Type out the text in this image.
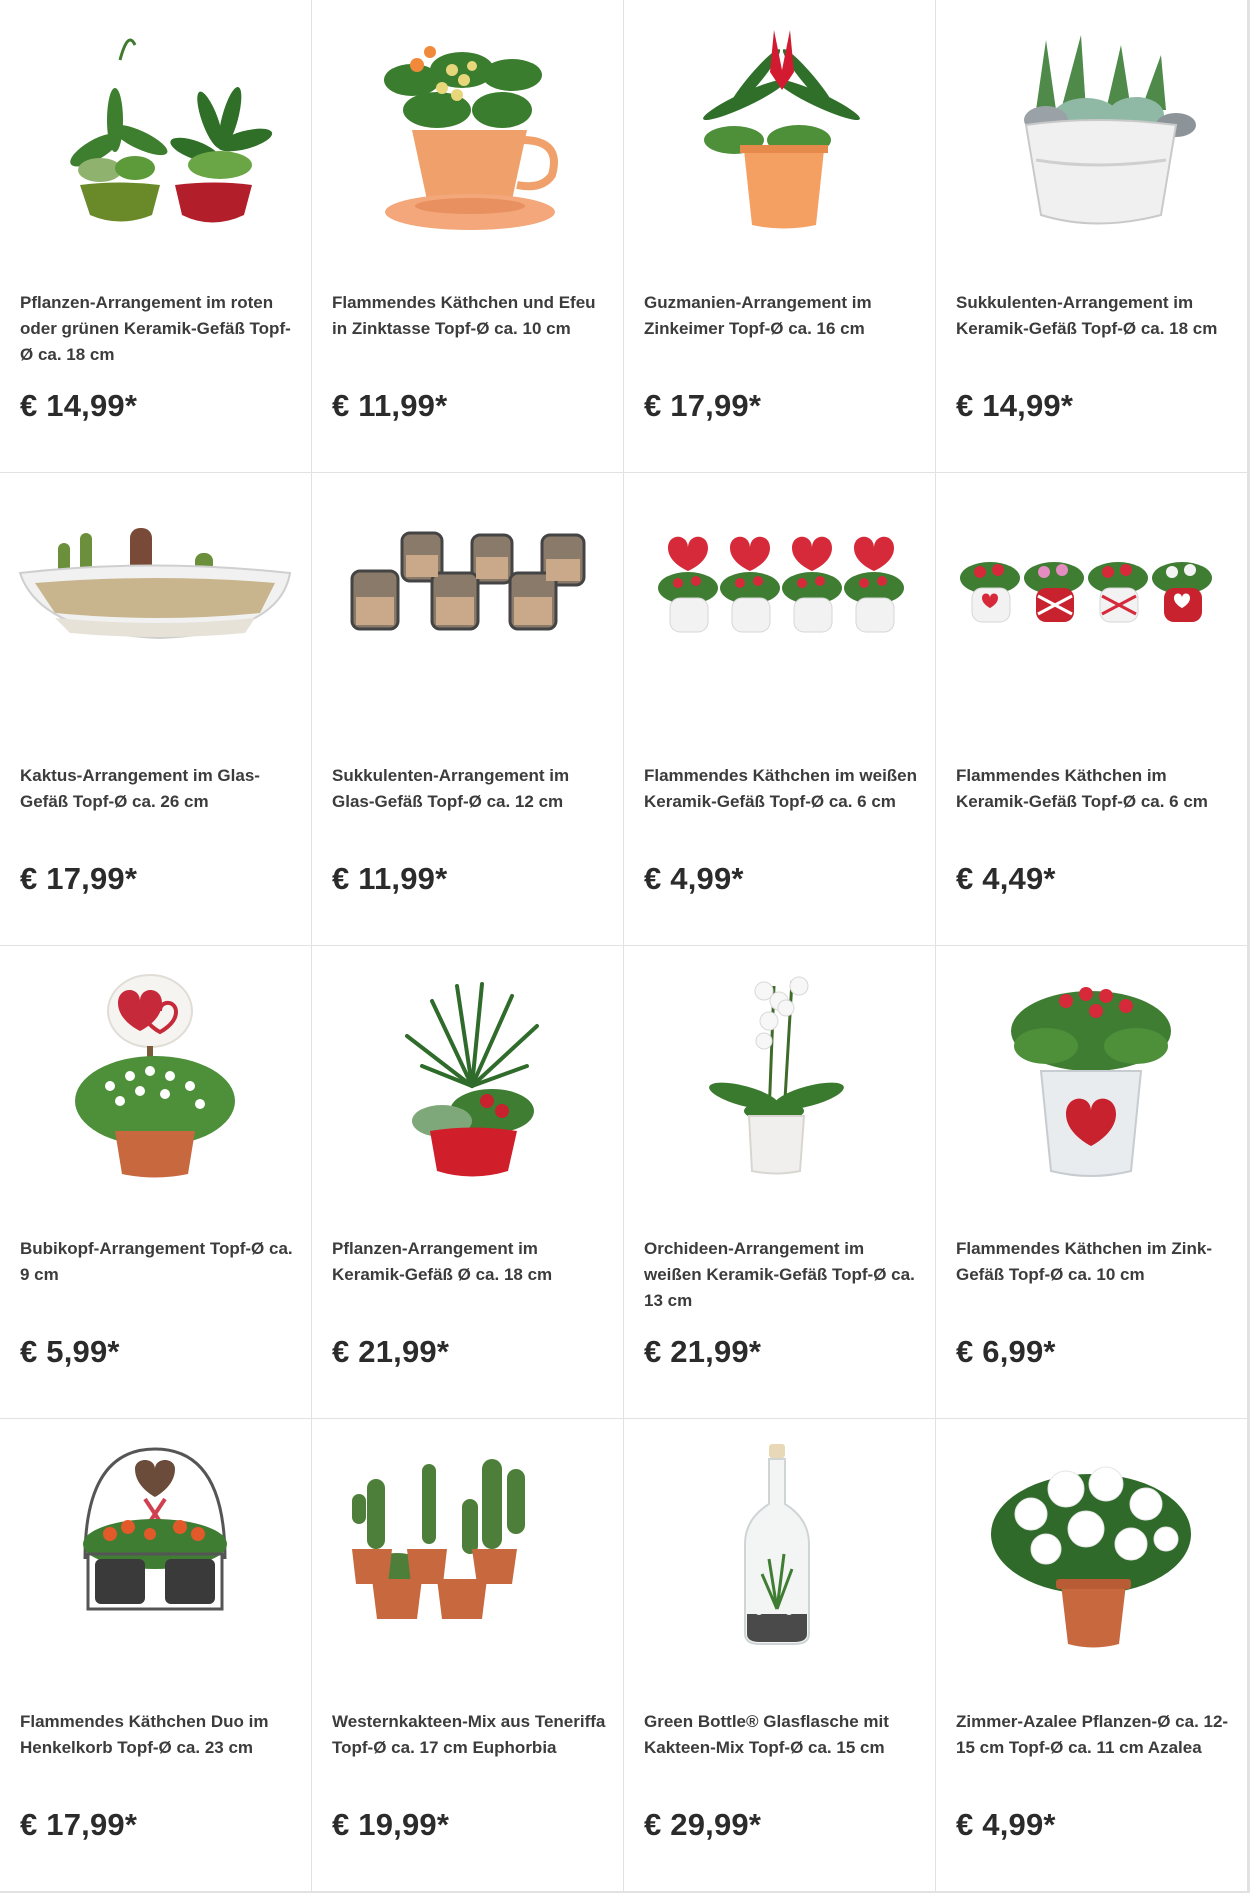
Pflanzen-Arrangement im roten oder grünen Keramik-Gefäß Topf-Ø ca. 18 cm
€ 14,99*
Flammendes Käthchen und Efeu in Zinktasse Topf-Ø ca. 10 cm
€ 11,99*
Guzmanien-Arrangement im Zinkeimer Topf-Ø ca. 16 cm
€ 17,99*
Sukkulenten-Arrangement im Keramik-Gefäß Topf-Ø ca. 18 cm
€ 14,99*
Kaktus-Arrangement im Glas-Gefäß Topf-Ø ca. 26 cm
€ 17,99*
Sukkulenten-Arrangement im Glas-Gefäß Topf-Ø ca. 12 cm
€ 11,99*
Flammendes Käthchen im weißen Keramik-Gefäß Topf-Ø ca. 6 cm
€ 4,99*
Flammendes Käthchen im Keramik-Gefäß Topf-Ø ca. 6 cm
€ 4,49*
Bubikopf-Arrangement Topf-Ø ca. 9 cm
€ 5,99*
Pflanzen-Arrangement im Keramik-Gefäß Ø ca. 18 cm
€ 21,99*
Orchideen-Arrangement im weißen Keramik-Gefäß Topf-Ø ca. 13 cm
€ 21,99*
Flammendes Käthchen im Zink-Gefäß Topf-Ø ca. 10 cm
€ 6,99*
Flammendes Käthchen Duo im Henkelkorb Topf-Ø ca. 23 cm
€ 17,99*
Westernkakteen-Mix aus Teneriffa Topf-Ø ca. 17 cm Euphorbia
€ 19,99*
Green Bottle® Glasflasche mit Kakteen-Mix Topf-Ø ca. 15 cm
€ 29,99*
Zimmer-Azalee Pflanzen-Ø ca. 12-15 cm Topf-Ø ca. 11 cm Azalea
€ 4,99*
